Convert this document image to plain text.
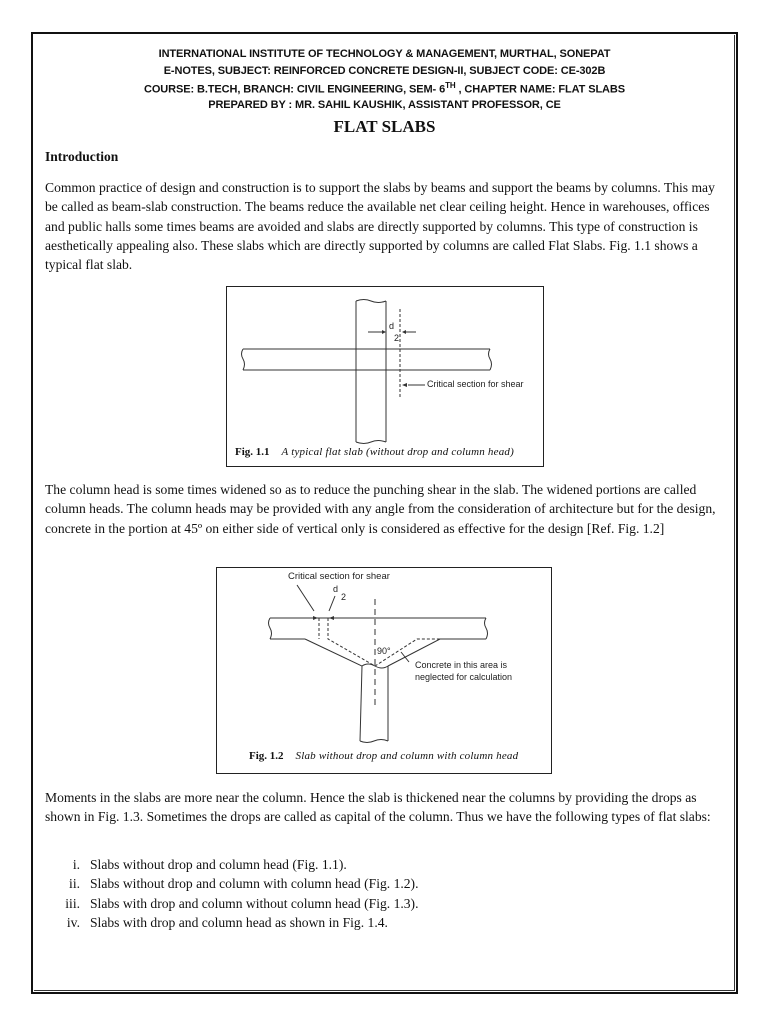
INTERNATIONAL INSTITUTE OF TECHNOLOGY & MANAGEMENT, MURTHAL, SONEPAT
E-NOTES, SUBJECT: REINFORCED CONCRETE DESIGN-II, SUBJECT CODE: CE-302B
COURSE: B.TECH, BRANCH: CIVIL ENGINEERING, SEM- 6TH , CHAPTER NAME: FLAT SLABS
PREPARED BY : MR. SAHIL KAUSHIK, ASSISTANT PROFESSOR, CE
FLAT SLABS
Introduction
Common practice of design and construction is to support the slabs by beams and support the beams by columns. This may be called as beam-slab construction. The beams reduce the available net clear ceiling height. Hence in warehouses, offices and public halls some times beams are avoided and slabs are directly supported by columns. This type of construction is aesthetically appealing also. These slabs which are directly supported by columns are called Flat Slabs. Fig. 1.1 shows a typical flat slab.
d
2
Critical section for shear
Fig. 1.1 A typical flat slab (without drop and column head)
The column head is some times widened so as to reduce the punching shear in the slab. The widened portions are called column heads. The column heads may be provided with any angle from the consideration of architecture but for the design, concrete in the portion at 45º on either side of vertical only is considered as effective for the design [Ref. Fig. 1.2]
Critical section for shear
d
2
90°
Concrete in this area is
neglected for calculation
Fig. 1.2 Slab without drop and column with column head
Moments in the slabs are more near the column. Hence the slab is thickened near the columns by providing the drops as shown in Fig. 1.3. Sometimes the drops are called as capital of the column. Thus we have the following types of flat slabs:
i. Slabs without drop and column head (Fig. 1.1).
ii. Slabs without drop and column with column head (Fig. 1.2).
iii. Slabs with drop and column without column head (Fig. 1.3).
iv. Slabs with drop and column head as shown in Fig. 1.4.
